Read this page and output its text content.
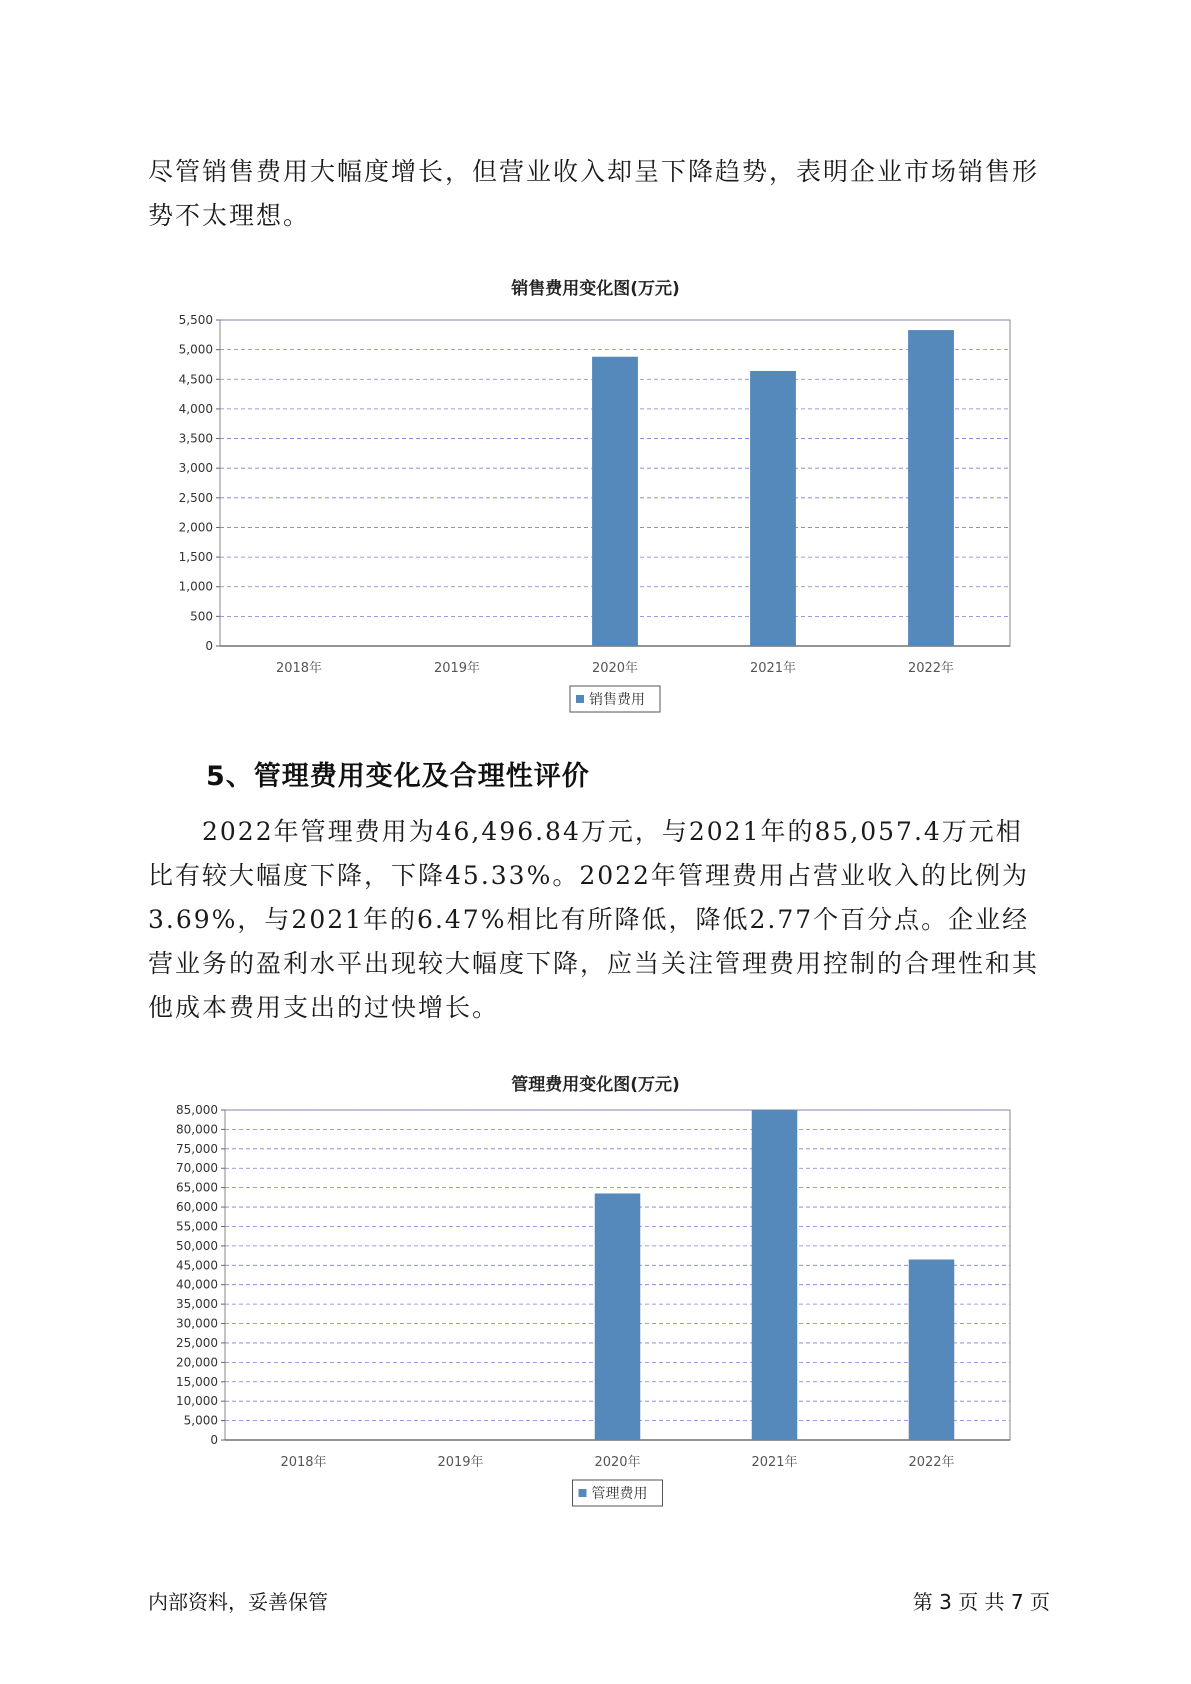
尽管销售费用大幅度增长，但营业收入却呈下降趋势，表明企业市场销售形势不太理想。

销售费用变化图(万元)
0
500
1,000
1,500
2,000
2,500
3,000
3,500
4,000
4,500
5,000
5,500
2018年	2019年	2020年	2021年	2022年
销售费用
5、管理费用变化及合理性评价

2022年管理费用为46,496.84万元，与2021年的85,057.4万元相比有较大幅度下降，下降45.33%。2022年管理费用占营业收入的比例为3.69%，与2021年的6.47%相比有所降低，降低2.77个百分点。企业经营业务的盈利水平出现较大幅度下降，应当关注管理费用控制的合理性和其他成本费用支出的过快增长。

管理费用变化图(万元)
0
5,000
10,000
15,000
20,000
25,000
30,000
35,000
40,000
45,000
50,000
55,000
60,000
65,000
70,000
75,000
80,000
85,000
2018年	2019年	2020年	2021年	2022年
管理费用
内部资料，妥善保管	第 3 页 共 7 页
